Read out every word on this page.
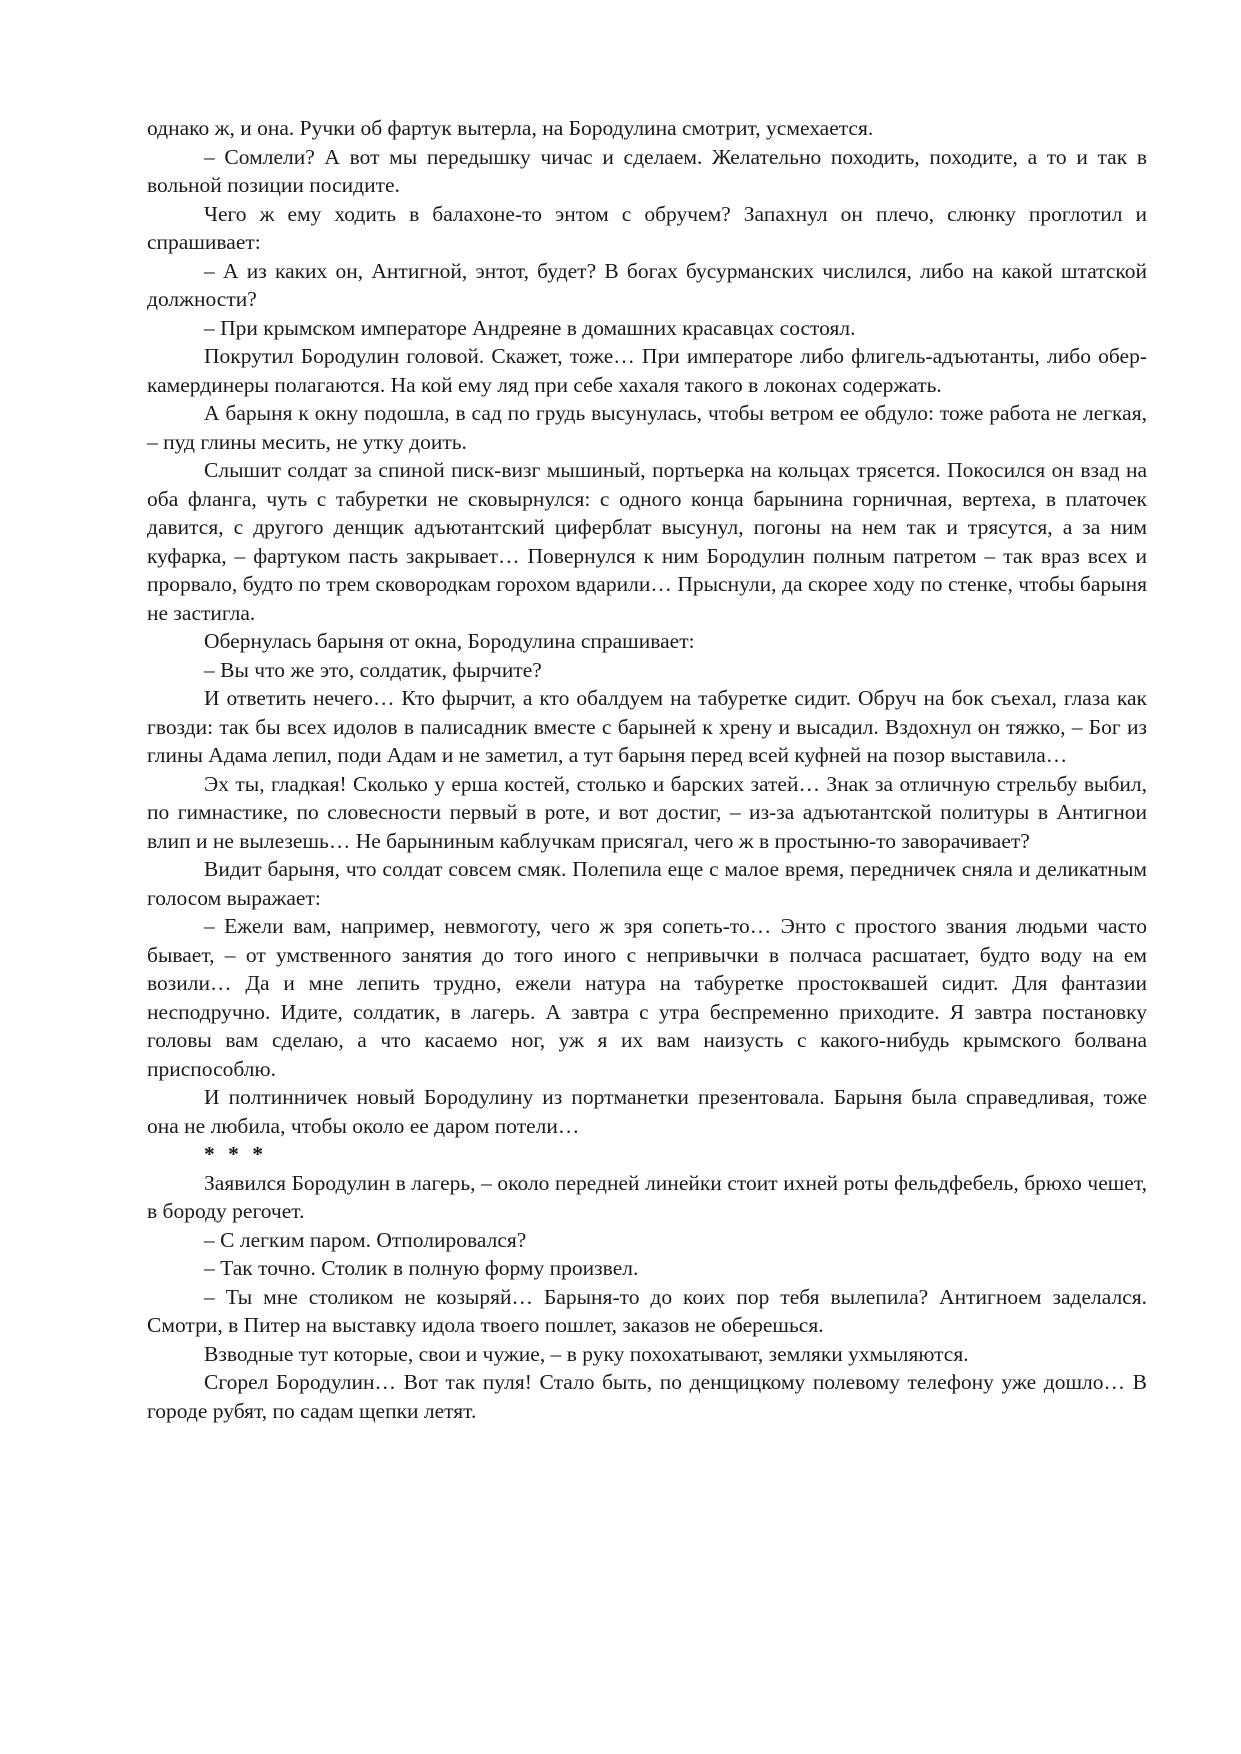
однако ж, и она. Ручки об фартук вытерла, на Бородулина смотрит, усмехается.

– Сомлели? А вот мы передышку чичас и сделаем. Желательно походить, походите, а то и так в вольной позиции посидите.

Чего ж ему ходить в балахоне-то энтом с обручем? Запахнул он плечо, слюнку проглотил и спрашивает:

– А из каких он, Антигной, энтот, будет? В богах бусурманских числился, либо на какой штатской должности?

– При крымском императоре Андреяне в домашних красавцах состоял.

Покрутил Бородулин головой. Скажет, тоже… При императоре либо флигель-адъютанты, либо обер-камердинеры полагаются. На кой ему ляд при себе хахаля такого в локонах содержать.

А барыня к окну подошла, в сад по грудь высунулась, чтобы ветром ее обдуло: тоже работа не легкая, – пуд глины месить, не утку доить.

Слышит солдат за спиной писк-визг мышиный, портьерка на кольцах трясется. Покосился он взад на оба фланга, чуть с табуретки не сковырнулся: с одного конца барынина горничная, вертеха, в платочек давится, с другого денщик адъютантский циферблат высунул, погоны на нем так и трясутся, а за ним куфарка, – фартуком пасть закрывает… Повернулся к ним Бородулин полным патретом – так враз всех и прорвало, будто по трем сковородкам горохом вдарили… Прыснули, да скорее ходу по стенке, чтобы барыня не застигла.

Обернулась барыня от окна, Бородулина спрашивает:

– Вы что же это, солдатик, фырчите?

И ответить нечего… Кто фырчит, а кто обалдуем на табуретке сидит. Обруч на бок съехал, глаза как гвозди: так бы всех идолов в палисадник вместе с барыней к хрену и высадил. Вздохнул он тяжко, – Бог из глины Адама лепил, поди Адам и не заметил, а тут барыня перед всей куфней на позор выставила…

Эх ты, гладкая! Сколько у ерша костей, столько и барских затей… Знак за отличную стрельбу выбил, по гимнастике, по словесности первый в роте, и вот достиг, – из-за адъютантской политуры в Антигнои влип и не вылезешь… Не барыниным каблучкам присягал, чего ж в простыню-то заворачивает?

Видит барыня, что солдат совсем смяк. Полепила еще с малое время, передничек сняла и деликатным голосом выражает:

– Ежели вам, например, невмоготу, чего ж зря сопеть-то… Энто с простого звания людьми часто бывает, – от умственного занятия до того иного с непривычки в полчаса расшатает, будто воду на ем возили… Да и мне лепить трудно, ежели натура на табуретке простоквашей сидит. Для фантазии несподручно. Идите, солдатик, в лагерь. А завтра с утра беспременно приходите. Я завтра постановку головы вам сделаю, а что касаемо ног, уж я их вам наизусть с какого-нибудь крымского болвана приспособлю.

И полтинничек новый Бородулину из портманетки презентовала. Барыня была справедливая, тоже она не любила, чтобы около ее даром потели…

* * *

Заявился Бородулин в лагерь, – около передней линейки стоит ихней роты фельдфебель, брюхо чешет, в бороду регочет.

– С легким паром. Отполировался?

– Так точно. Столик в полную форму произвел.

– Ты мне столиком не козыряй… Барыня-то до коих пор тебя вылепила? Антигноем заделался. Смотри, в Питер на выставку идола твоего пошлет, заказов не оберешься.

Взводные тут которые, свои и чужие, – в руку похохатывают, земляки ухмыляются.

Сгорел Бородулин… Вот так пуля! Стало быть, по денщицкому полевому телефону уже дошло… В городе рубят, по садам щепки летят.
